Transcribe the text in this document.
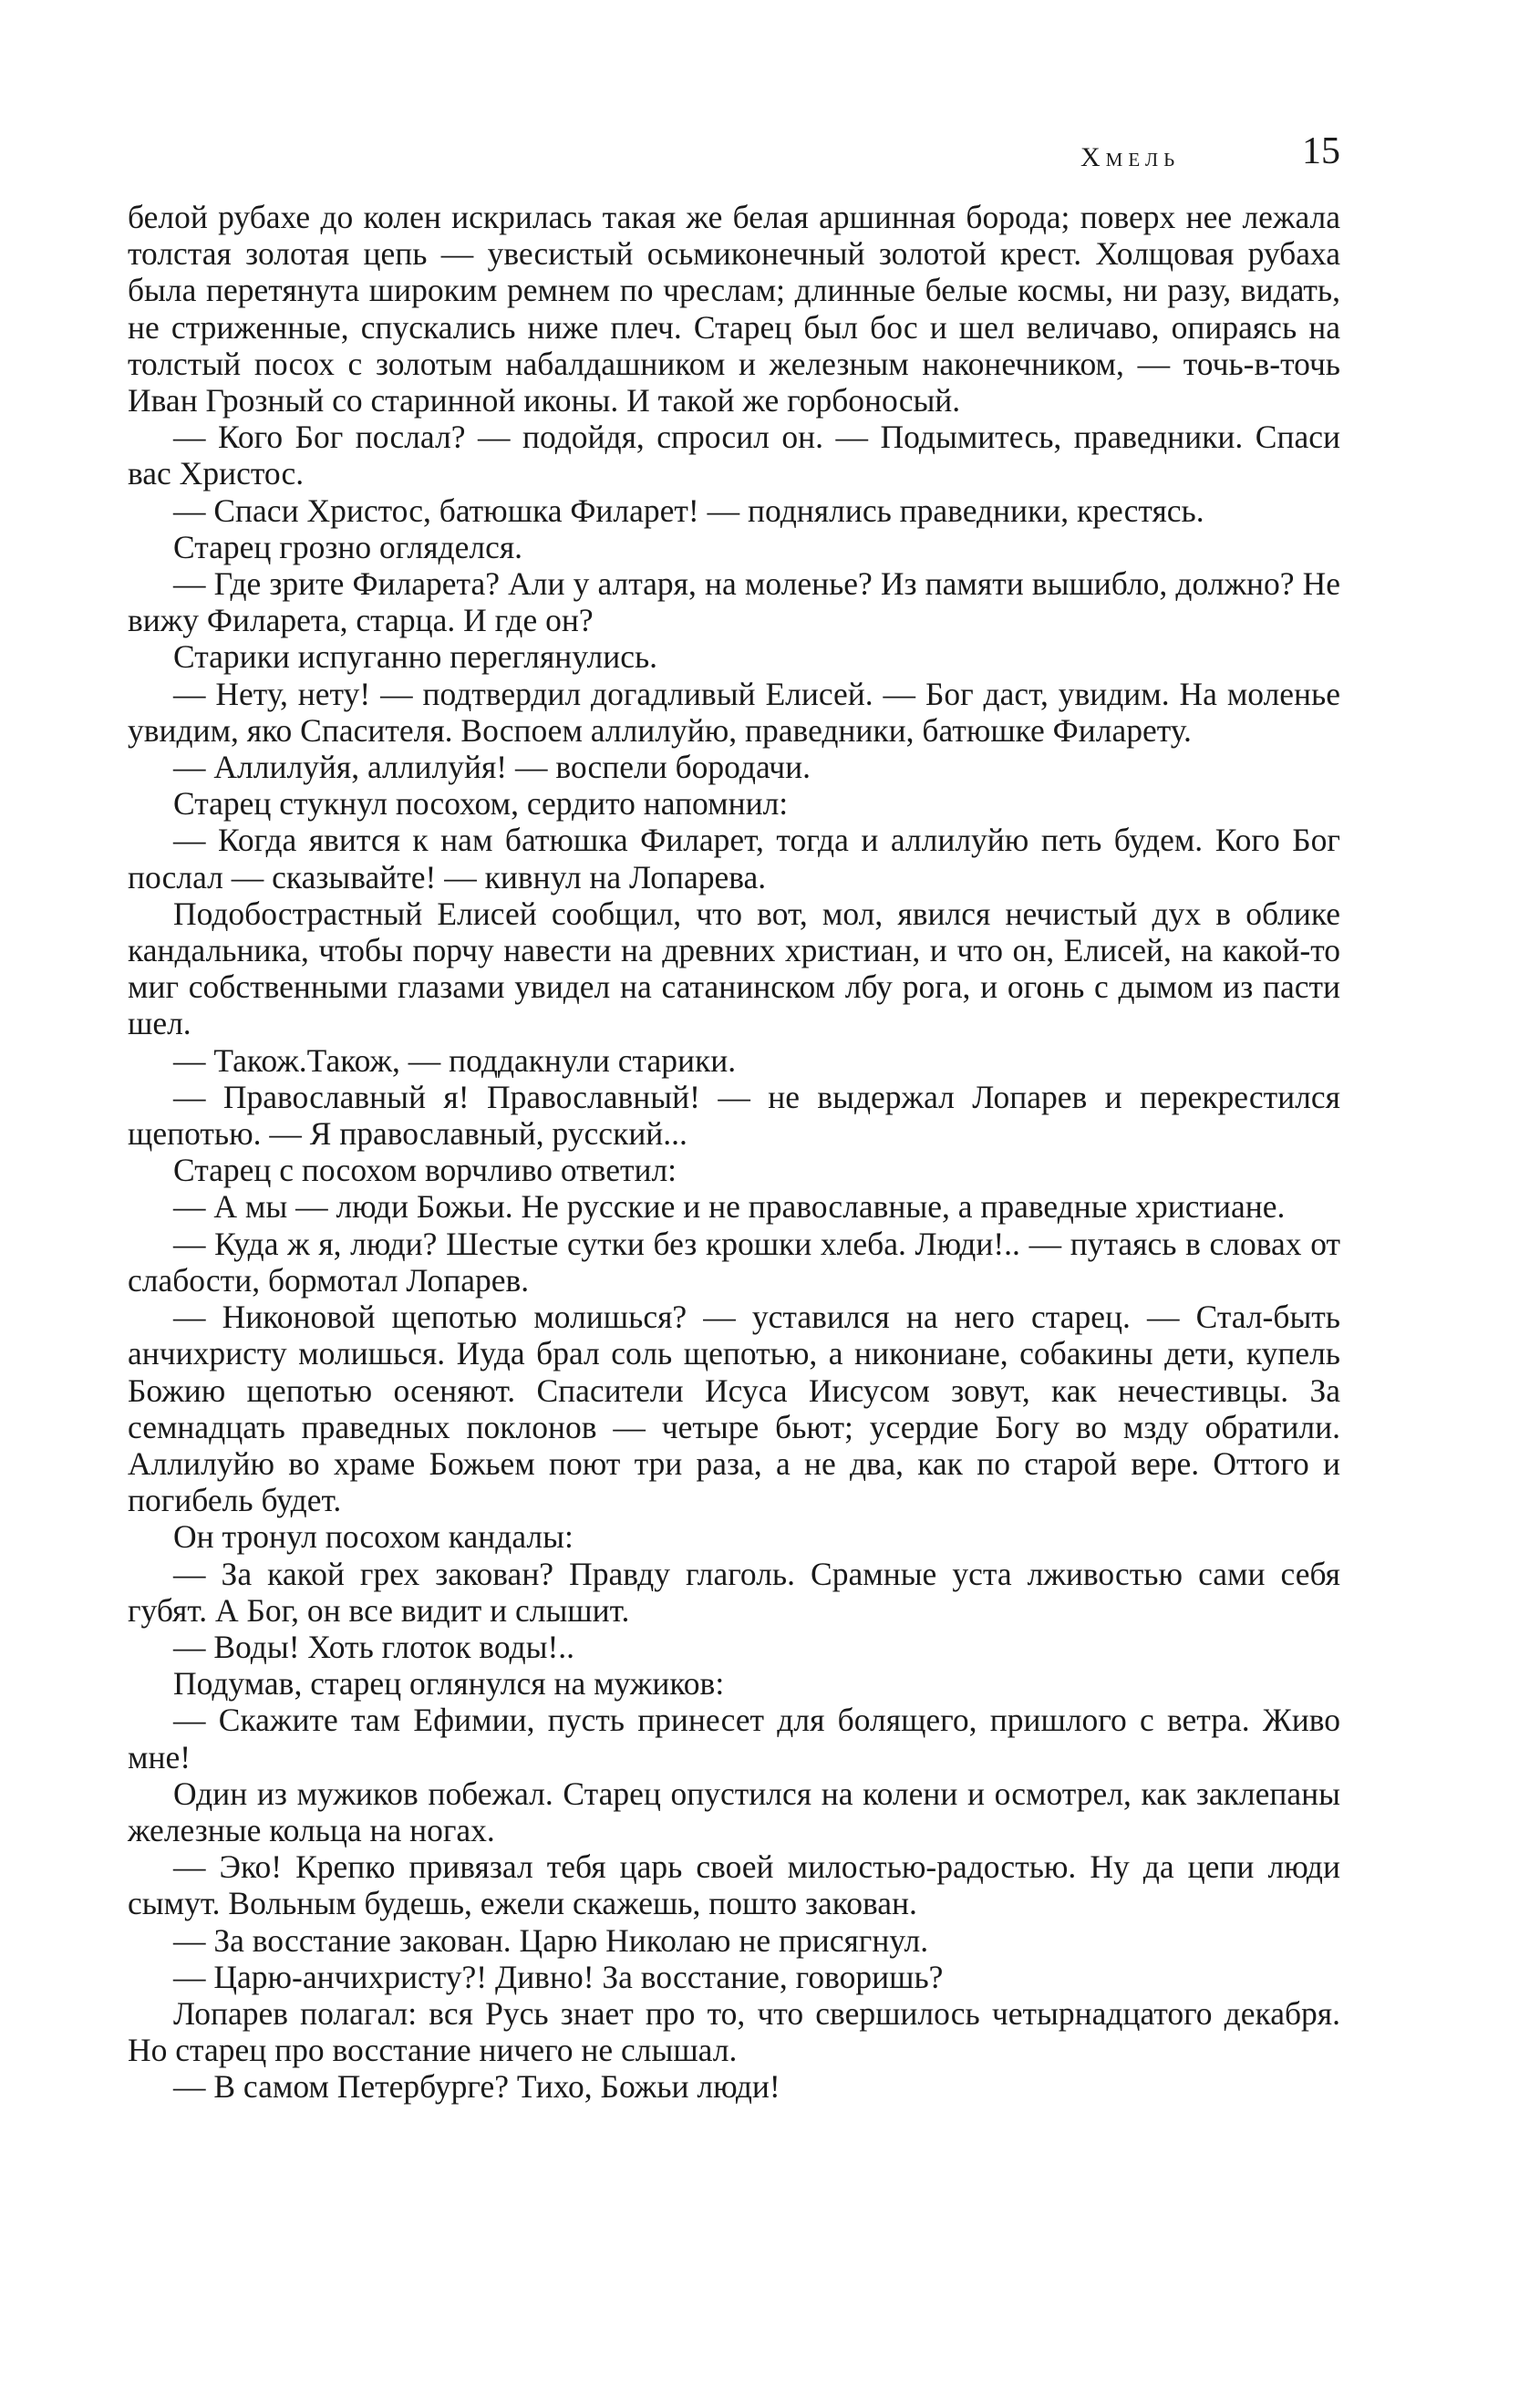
Хмель	15

белой рубахе до колен искрилась такая же белая аршинная борода; поверх нее лежала толстая золотая цепь — увесистый осьмиконечный золотой крест. Холщовая рубаха была перетянута широким ремнем по чреслам; длинные белые космы, ни разу, видать, не стриженные, спускались ниже плеч. Старец был бос и шел величаво, опираясь на толстый посох с золотым набалдашником и железным наконечником, — точь-в-точь Иван Грозный со старинной иконы. И такой же горбоносый.

— Кого Бог послал? — подойдя, спросил он. — Подымитесь, праведники. Спаси вас Христос.

— Спаси Христос, батюшка Филарет! — поднялись праведники, крестясь.

Старец грозно огляделся.

— Где зрите Филарета? Али у алтаря, на моленье? Из памяти вышибло, должно? Не вижу Филарета, старца. И где он?

Старики испуганно переглянулись.

— Нету, нету! — подтвердил догадливый Елисей. — Бог даст, увидим. На моленье увидим, яко Спасителя. Воспоем аллилуйю, праведники, батюшке Филарету.

— Аллилуйя, аллилуйя! — воспели бородачи.

Старец стукнул посохом, сердито напомнил:

— Когда явится к нам батюшка Филарет, тогда и аллилуйю петь будем. Кого Бог послал — сказывайте! — кивнул на Лопарева.

Подобострастный Елисей сообщил, что вот, мол, явился нечистый дух в облике кандальника, чтобы порчу навести на древних христиан, и что он, Елисей, на какой-то миг собственными глазами увидел на сатанинском лбу рога, и огонь с дымом из пасти шел.

— Також.Також, — поддакнули старики.

— Православный я! Православный! — не выдержал Лопарев и перекрестился щепотью. — Я православный, русский...

Старец с посохом ворчливо ответил:

— А мы — люди Божьи. Не русские и не православные, а праведные христиане.

— Куда ж я, люди? Шестые сутки без крошки хлеба. Люди!.. — путаясь в словах от слабости, бормотал Лопарев.

— Никоновой щепотью молишься? — уставился на него старец. — Стал-быть анчихристу молишься. Иуда брал соль щепотью, а никониане, собакины дети, купель Божию щепотью осеняют. Спасители Исуса Иисусом зовут, как нечестивцы. За семнадцать праведных поклонов — четыре бьют; усердие Богу во мзду обратили. Аллилуйю во храме Божьем поют три раза, а не два, как по старой вере. Оттого и погибель будет.

Он тронул посохом кандалы:

— За какой грех закован? Правду глаголь. Срамные уста лживостью сами себя губят. А Бог, он все видит и слышит.

— Воды! Хоть глоток воды!..

Подумав, старец оглянулся на мужиков:

— Скажите там Ефимии, пусть принесет для болящего, пришлого с ветра. Живо мне!

Один из мужиков побежал. Старец опустился на колени и осмотрел, как заклепаны железные кольца на ногах.

— Эко! Крепко привязал тебя царь своей милостью-радостью. Ну да цепи люди сымут. Вольным будешь, ежели скажешь, пошто закован.

— За восстание закован. Царю Николаю не присягнул.

— Царю-анчихристу?! Дивно! За восстание, говоришь?

Лопарев полагал: вся Русь знает про то, что свершилось четырнадцатого декабря. Но старец про восстание ничего не слышал.

— В самом Петербурге? Тихо, Божьи люди!
